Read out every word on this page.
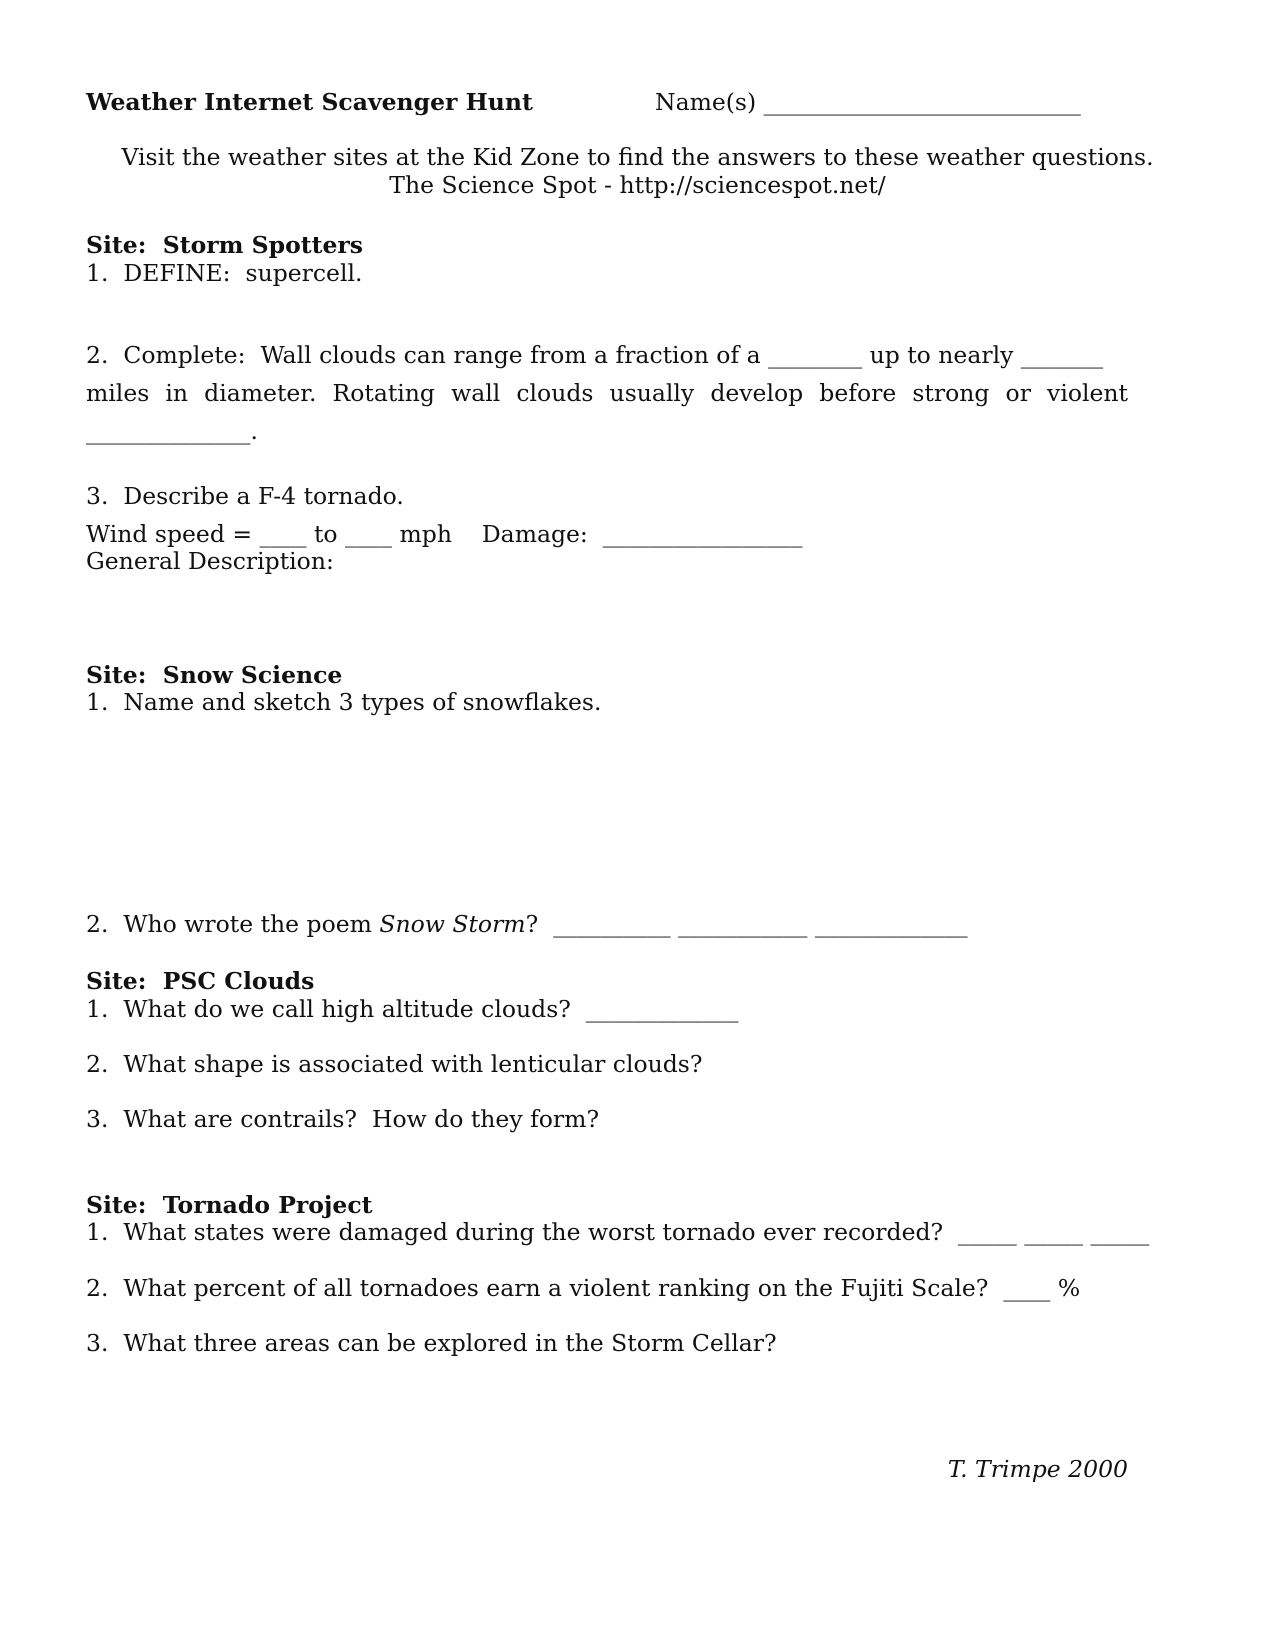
Weather Internet Scavenger Hunt	Name(s) ___________________________
Visit the weather sites at the Kid Zone to find the answers to these weather questions.
The Science Spot - http://sciencespot.net/
Site:  Storm Spotters
1.  DEFINE:  supercell.
2.  Complete:  Wall clouds can range from a fraction of a ________ up to nearly _______
miles in diameter. Rotating wall clouds usually develop before strong or violent
______________.
3.  Describe a F-4 tornado.
Wind speed = ____ to ____ mph    Damage:  _________________
General Description:
Site:  Snow Science
1.  Name and sketch 3 types of snowflakes.
2.  Who wrote the poem Snow Storm?  __________ ___________ _____________
Site:  PSC Clouds
1.  What do we call high altitude clouds?  _____________
2.  What shape is associated with lenticular clouds?
3.  What are contrails?  How do they form?
Site:  Tornado Project
1.  What states were damaged during the worst tornado ever recorded?  _____ _____ _____
2.  What percent of all tornadoes earn a violent ranking on the Fujiti Scale?  ____ %
3.  What three areas can be explored in the Storm Cellar?
T. Trimpe 2000
